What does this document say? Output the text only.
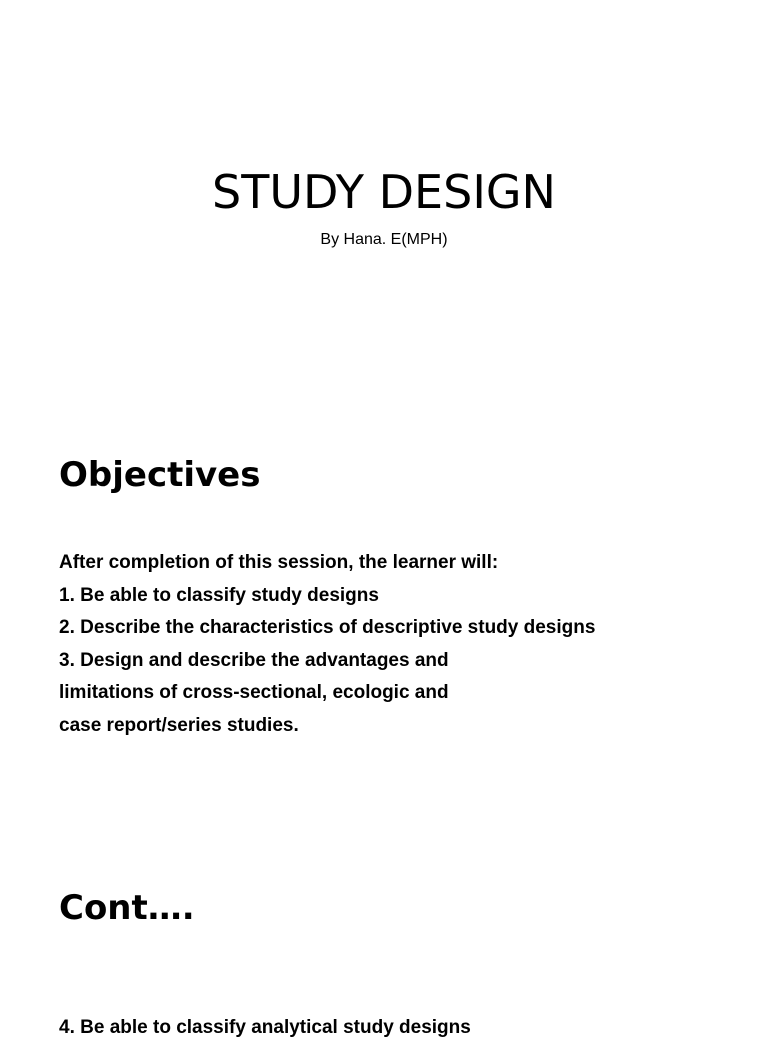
STUDY DESIGN

By Hana. E(MPH)

Objectives
After completion of this session, the learner will:
1. Be able to classify study designs
2. Describe the characteristics of descriptive study designs
3. Design and describe the advantages and
limitations of cross-sectional, ecologic and
case report/series studies.
Cont….

4. Be able to classify analytical study designs
